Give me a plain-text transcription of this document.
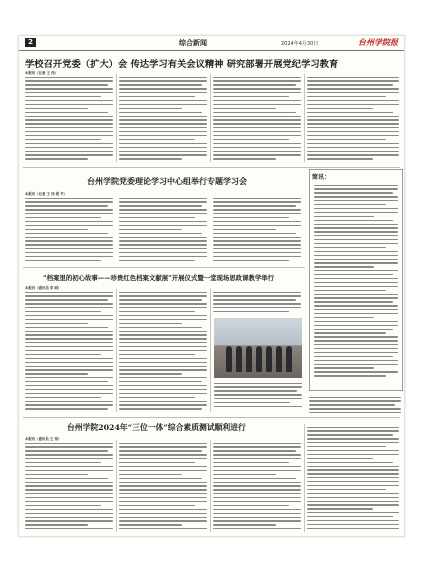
2	综合新闻	2024年4月30日	台州学院报
学校召开党委（扩大）会 传达学习有关会议精神 研究部署开展党纪学习教育
本报讯（记者 王 伟）
台州学院党委理论学习中心组举行专题学习会
本报讯（记者 王 伟 胡 平）
简讯：
“档案里的初心故事——珍贵红色档案文献展”开展仪式暨一堂现场思政课教学举行
本报讯（通讯员 李 明）
台州学院2024年“三位一体”综合素质测试顺利进行
本报讯（通讯员 王 伟）
